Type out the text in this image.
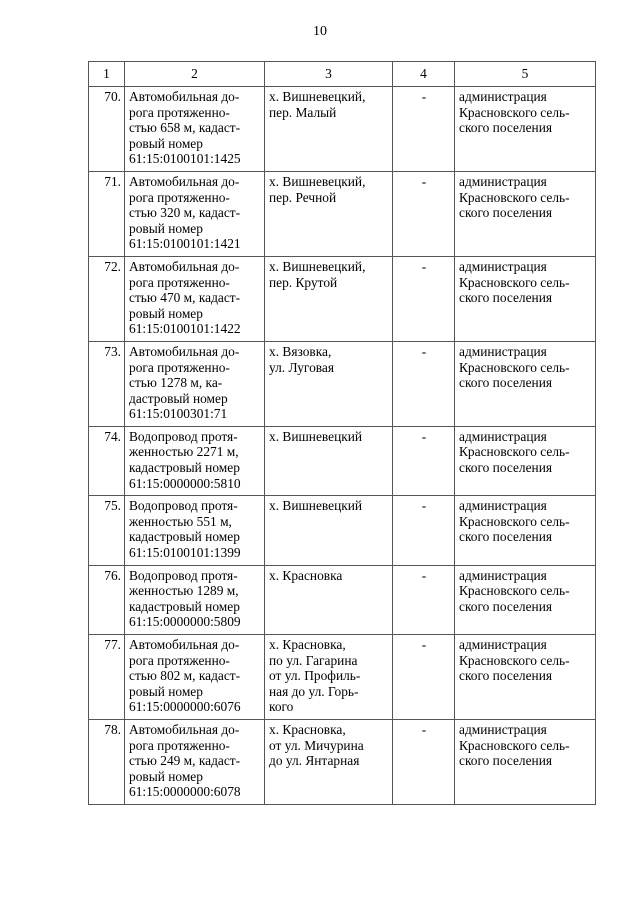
10
1	2	3	4	5
70.	Автомобильная до-
рога протяженно-
стью 658 м, кадаст-
ровый номер
61:15:0100101:1425	х. Вишневецкий,
пер. Малый	-	администрация
Красновского сель-
ского поселения

71.	Автомобильная до-
рога протяженно-
стью 320 м, кадаст-
ровый номер
61:15:0100101:1421	х. Вишневецкий,
пер. Речной	-	администрация
Красновского сель-
ского поселения

72.	Автомобильная до-
рога протяженно-
стью 470 м, кадаст-
ровый номер
61:15:0100101:1422	х. Вишневецкий,
пер. Крутой	-	администрация
Красновского сель-
ского поселения

73.	Автомобильная до-
рога протяженно-
стью 1278 м, ка-
дастровый номер
61:15:0100301:71	х. Вязовка,
ул. Луговая	-	администрация
Красновского сель-
ского поселения

74.	Водопровод протя-
женностью 2271 м,
кадастровый номер
61:15:0000000:5810	х. Вишневецкий	-	администрация
Красновского сель-
ского поселения

75.	Водопровод протя-
женностью 551 м,
кадастровый номер
61:15:0100101:1399	х. Вишневецкий	-	администрация
Красновского сель-
ского поселения

76.	Водопровод протя-
женностью 1289 м,
кадастровый номер
61:15:0000000:5809	х. Красновка	-	администрация
Красновского сель-
ского поселения

77.	Автомобильная до-
рога протяженно-
стью 802 м, кадаст-
ровый номер
61:15:0000000:6076	х. Красновка,
по ул. Гагарина
от ул. Профиль-
ная до ул. Горь-
кого	-	администрация
Красновского сель-
ского поселения

78.	Автомобильная до-
рога протяженно-
стью 249 м, кадаст-
ровый номер
61:15:0000000:6078	х. Красновка,
от ул. Мичурина
до ул. Янтарная	-	администрация
Красновского сель-
ского поселения
